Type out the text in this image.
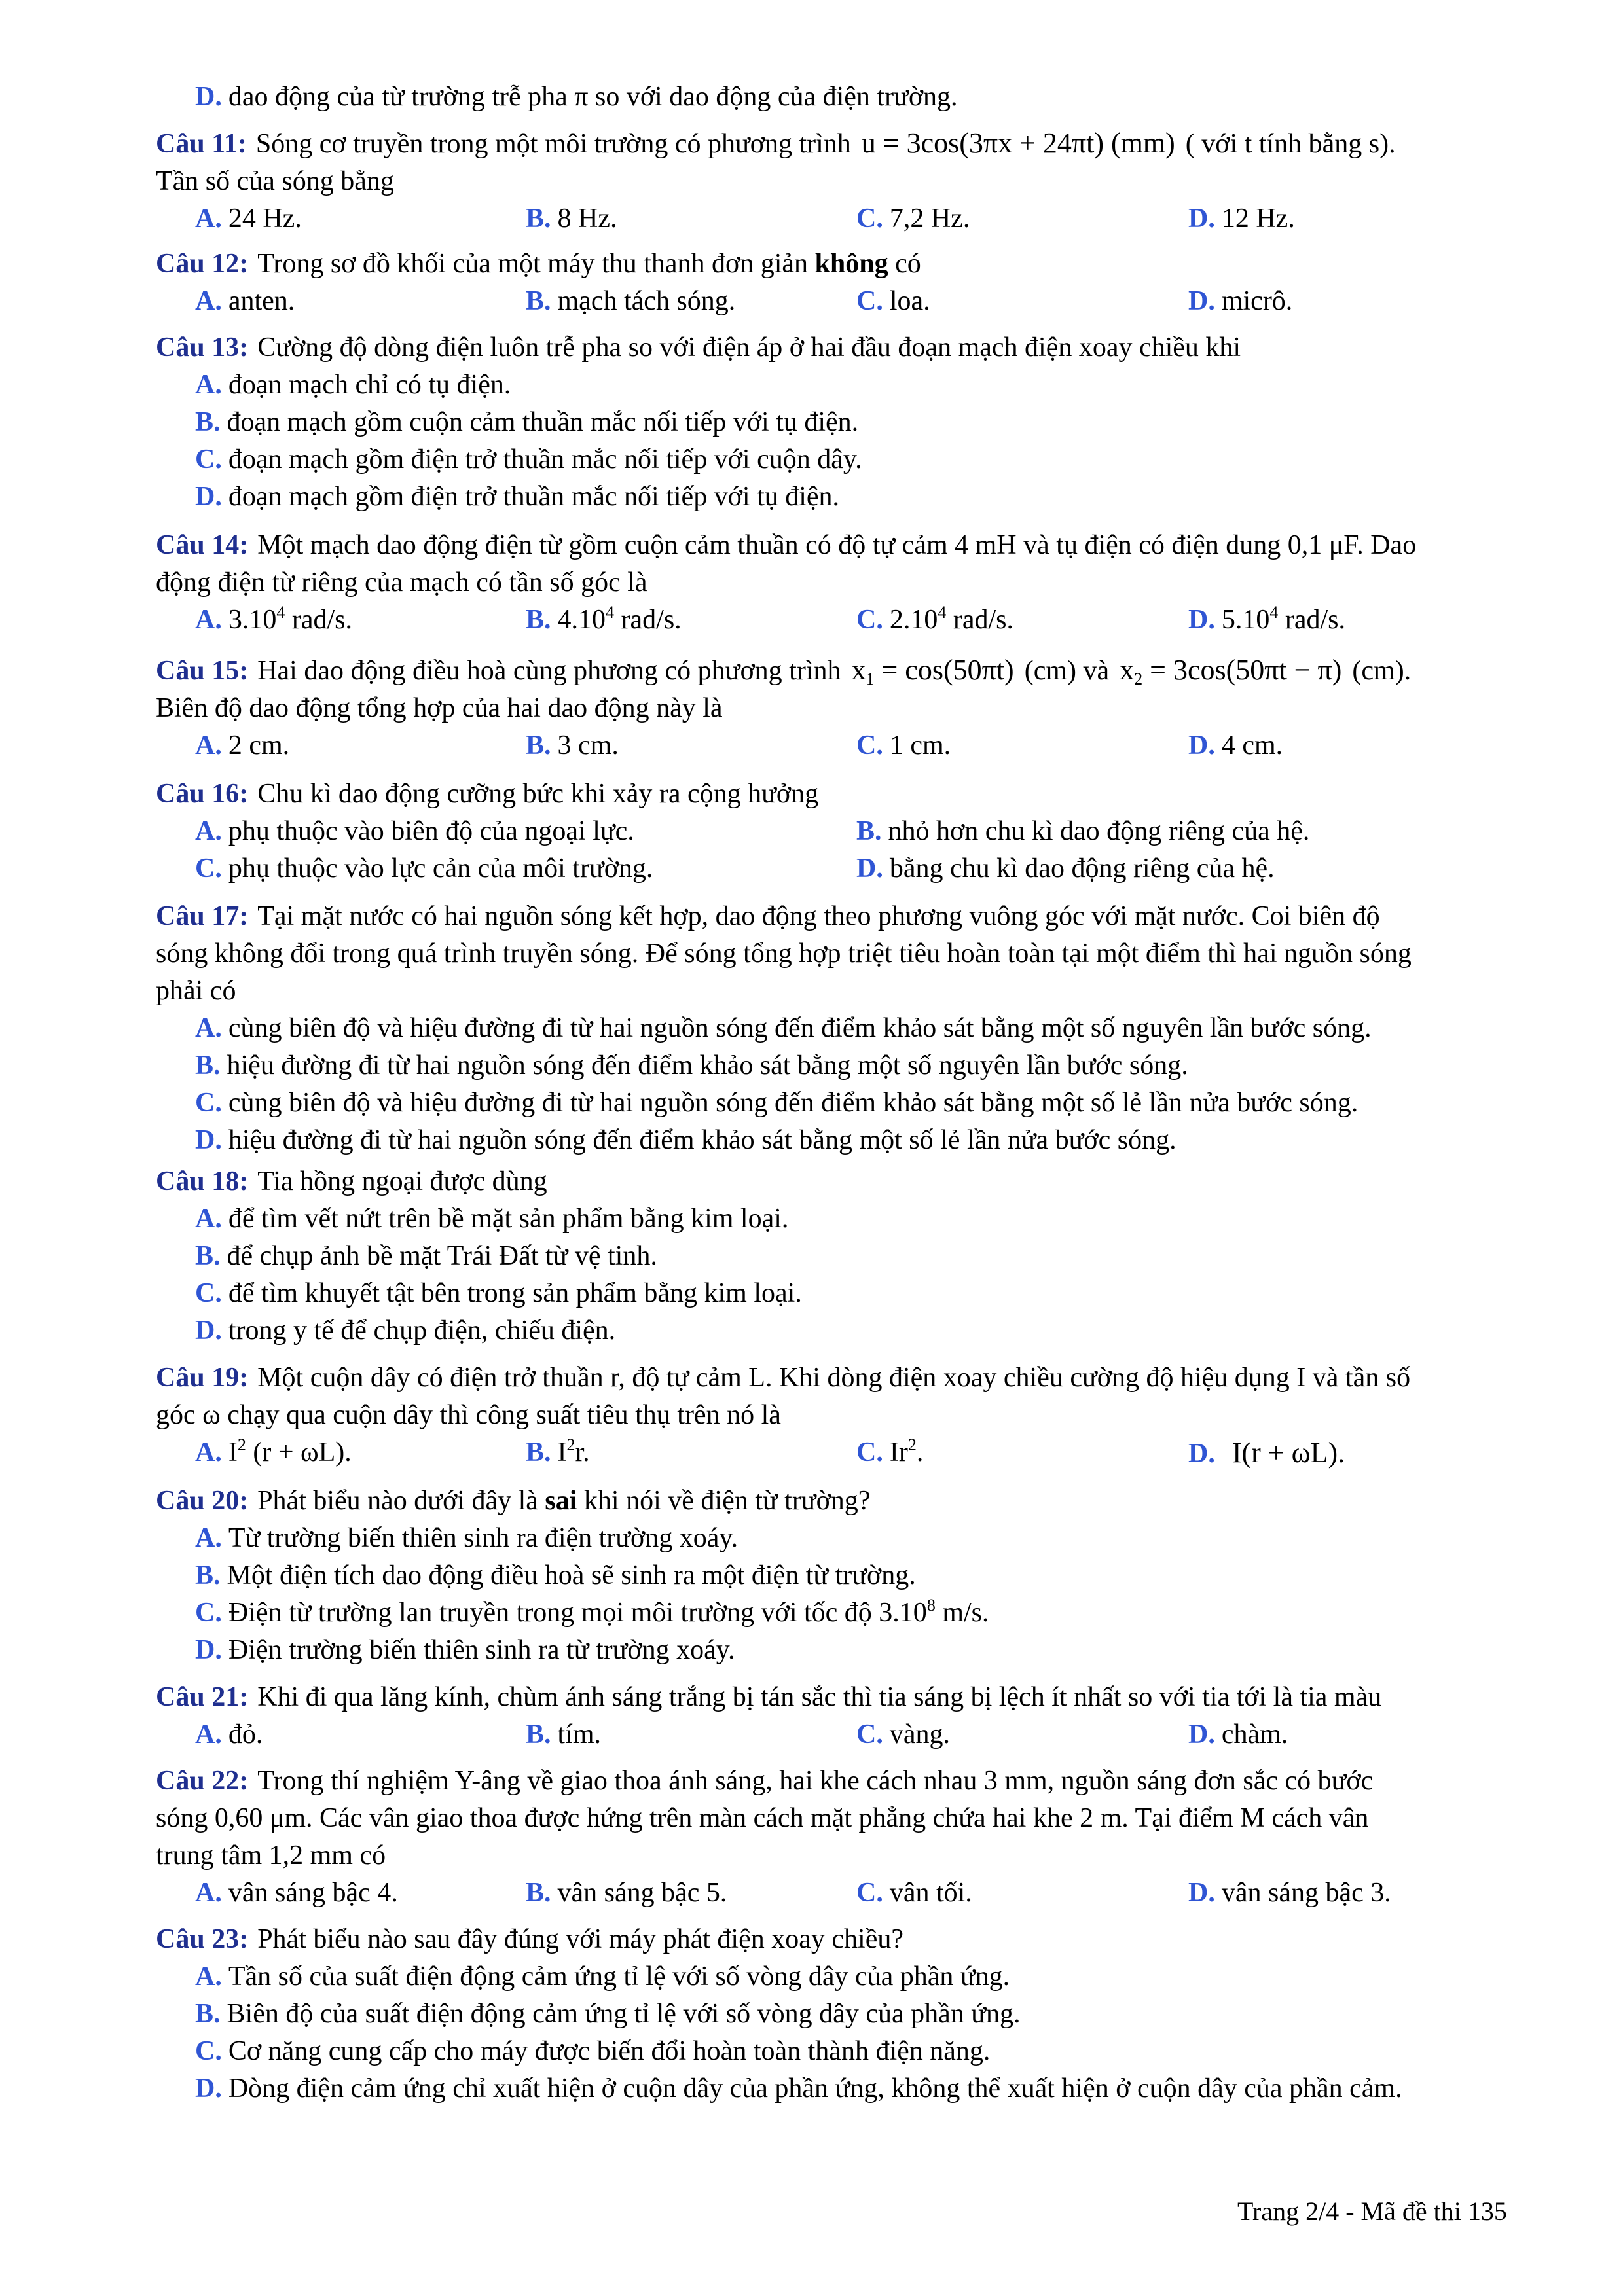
D. dao động của từ trường trễ pha π so với dao động của điện trường.
Câu 11: Sóng cơ truyền trong một môi trường có phương trình u = 3cos(3πx + 24πt) (mm) ( với t tính bằng s).
Tần số của sóng bằng
A. 24 Hz.	B. 8 Hz.	C. 7,2 Hz.	D. 12 Hz.
Câu 12: Trong sơ đồ khối của một máy thu thanh đơn giản không có
A. anten.	B. mạch tách sóng.	C. loa.	D. micrô.
Câu 13: Cường độ dòng điện luôn trễ pha so với điện áp ở hai đầu đoạn mạch điện xoay chiều khi
A. đoạn mạch chỉ có tụ điện.
B. đoạn mạch gồm cuộn cảm thuần mắc nối tiếp với tụ điện.
C. đoạn mạch gồm điện trở thuần mắc nối tiếp với cuộn dây.
D. đoạn mạch gồm điện trở thuần mắc nối tiếp với tụ điện.
Câu 14: Một mạch dao động điện từ gồm cuộn cảm thuần có độ tự cảm 4 mH và tụ điện có điện dung 0,1 μF. Dao
động điện từ riêng của mạch có tần số góc là
A. 3.10$^4$ rad/s.	B. 4.10$^4$ rad/s.	C. 2.10$^4$ rad/s.	D. 5.10$^4$ rad/s.
Câu 15: Hai dao động điều hoà cùng phương có phương trình $x_1 = \cos(50\pi t)$ (cm) và $x_2 = 3\cos(50\pi t - \pi)$ (cm).
Biên độ dao động tổng hợp của hai dao động này là
A. 2 cm.	B. 3 cm.	C. 1 cm.	D. 4 cm.
Câu 16: Chu kì dao động cưỡng bức khi xảy ra cộng hưởng
A. phụ thuộc vào biên độ của ngoại lực.	B. nhỏ hơn chu kì dao động riêng của hệ.
C. phụ thuộc vào lực cản của môi trường.	D. bằng chu kì dao động riêng của hệ.
Câu 17: Tại mặt nước có hai nguồn sóng kết hợp, dao động theo phương vuông góc với mặt nước. Coi biên độ
sóng không đổi trong quá trình truyền sóng. Để sóng tổng hợp triệt tiêu hoàn toàn tại một điểm thì hai nguồn sóng
phải có
A. cùng biên độ và hiệu đường đi từ hai nguồn sóng đến điểm khảo sát bằng một số nguyên lần bước sóng.
B. hiệu đường đi từ hai nguồn sóng đến điểm khảo sát bằng một số nguyên lần bước sóng.
C. cùng biên độ và hiệu đường đi từ hai nguồn sóng đến điểm khảo sát bằng một số lẻ lần nửa bước sóng.
D. hiệu đường đi từ hai nguồn sóng đến điểm khảo sát bằng một số lẻ lần nửa bước sóng.
Câu 18: Tia hồng ngoại được dùng
A. để tìm vết nứt trên bề mặt sản phẩm bằng kim loại.
B. để chụp ảnh bề mặt Trái Đất từ vệ tinh.
C. để tìm khuyết tật bên trong sản phẩm bằng kim loại.
D. trong y tế để chụp điện, chiếu điện.
Câu 19: Một cuộn dây có điện trở thuần r, độ tự cảm L. Khi dòng điện xoay chiều cường độ hiệu dụng I và tần số
góc ω chạy qua cuộn dây thì công suất tiêu thụ trên nó là
A. $I^2$ (r + ωL).	B. $I^2r$.	C. Ir$^2$.	D. I(r + ωL).
Câu 20: Phát biểu nào dưới đây là sai khi nói về điện từ trường?
A. Từ trường biến thiên sinh ra điện trường xoáy.
B. Một điện tích dao động điều hoà sẽ sinh ra một điện từ trường.
C. Điện từ trường lan truyền trong mọi môi trường với tốc độ 3.10$^8$ m/s.
D. Điện trường biến thiên sinh ra từ trường xoáy.
Câu 21: Khi đi qua lăng kính, chùm ánh sáng trắng bị tán sắc thì tia sáng bị lệch ít nhất so với tia tới là tia màu
A. đỏ.	B. tím.	C. vàng.	D. chàm.
Câu 22: Trong thí nghiệm Y-âng về giao thoa ánh sáng, hai khe cách nhau 3 mm, nguồn sáng đơn sắc có bước
sóng 0,60 μm. Các vân giao thoa được hứng trên màn cách mặt phẳng chứa hai khe 2 m. Tại điểm M cách vân
trung tâm 1,2 mm có
A. vân sáng bậc 4.	B. vân sáng bậc 5.	C. vân tối.	D. vân sáng bậc 3.
Câu 23: Phát biểu nào sau đây đúng với máy phát điện xoay chiều?
A. Tần số của suất điện động cảm ứng tỉ lệ với số vòng dây của phần ứng.
B. Biên độ của suất điện động cảm ứng tỉ lệ với số vòng dây của phần ứng.
C. Cơ năng cung cấp cho máy được biến đổi hoàn toàn thành điện năng.
D. Dòng điện cảm ứng chỉ xuất hiện ở cuộn dây của phần ứng, không thể xuất hiện ở cuộn dây của phần cảm.
Trang 2/4 - Mã đề thi 135
